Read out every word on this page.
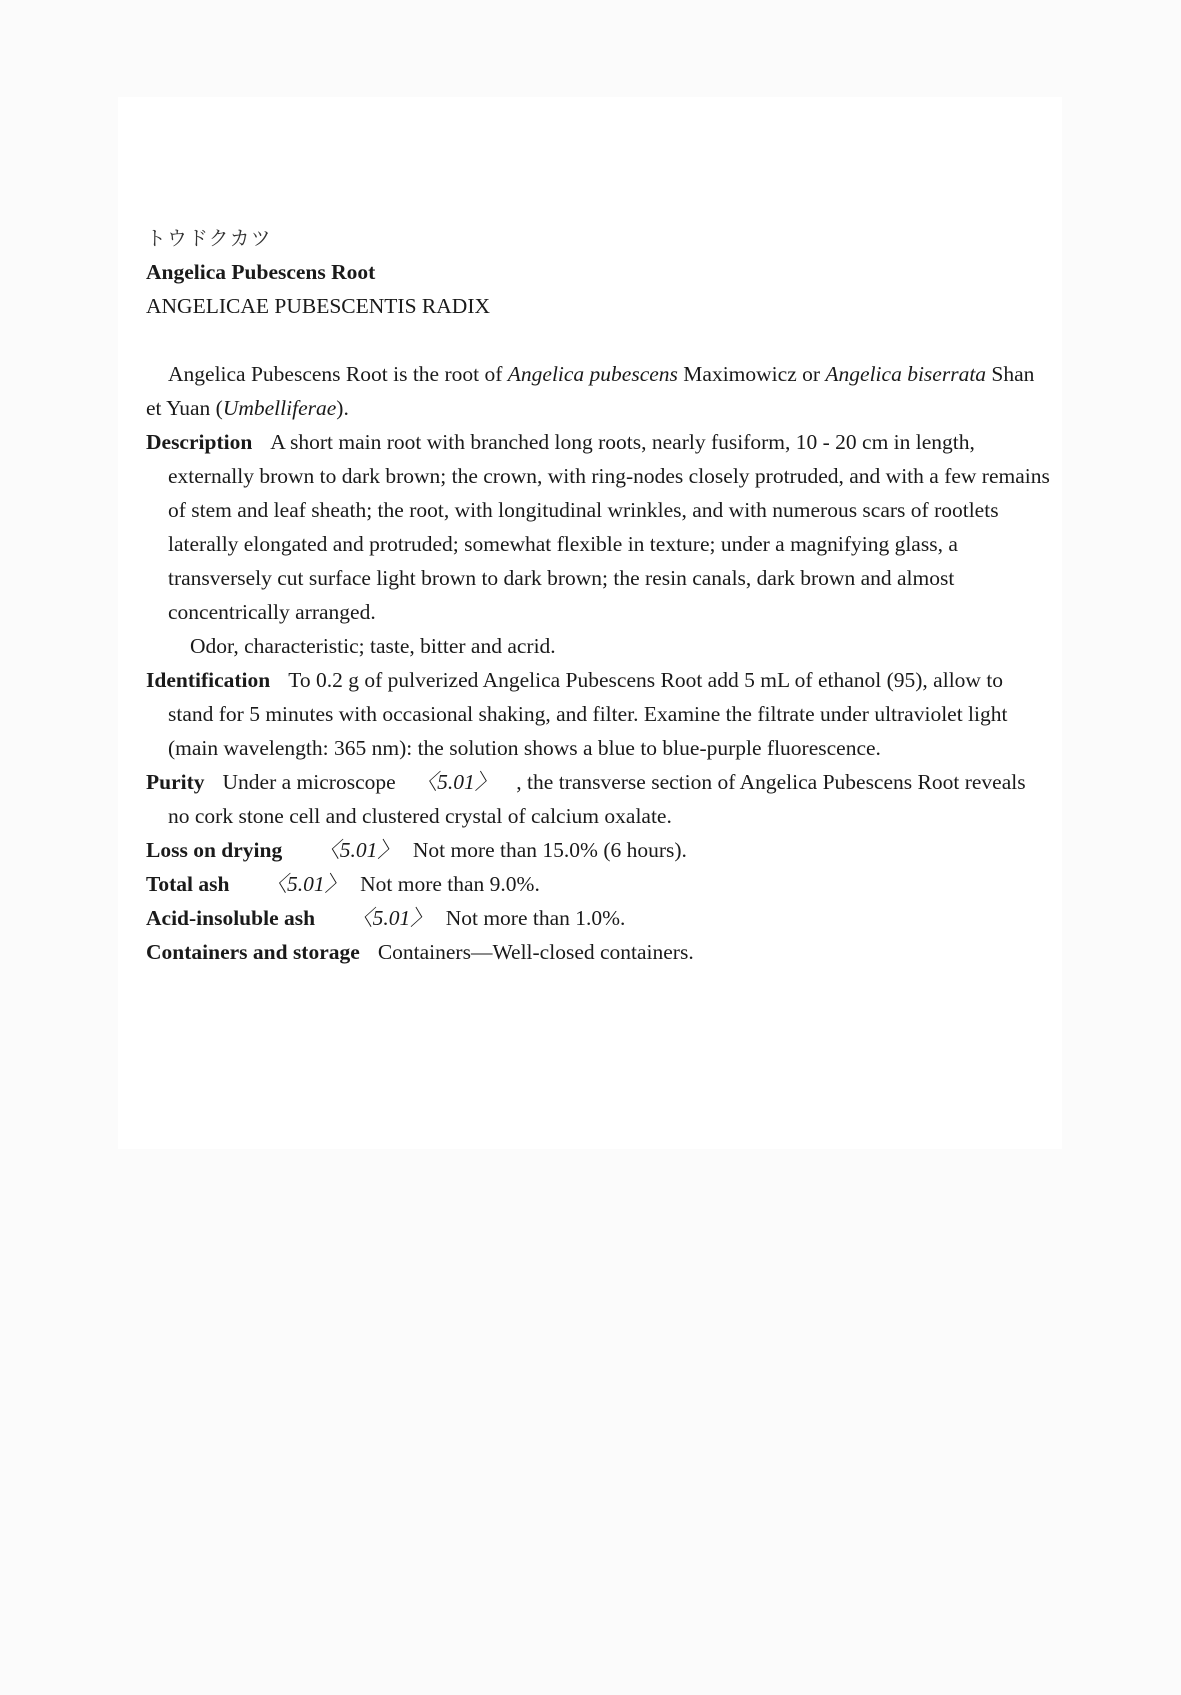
トウドクカツ
Angelica Pubescens Root
ANGELICAE PUBESCENTIS RADIX

Angelica Pubescens Root is the root of Angelica pubescens Maximowicz or Angelica biserrata Shan et Yuan (Umbelliferae).

Description A short main root with branched long roots, nearly fusiform, 10 - 20 cm in length, externally brown to dark brown; the crown, with ring-nodes closely protruded, and with a few remains of stem and leaf sheath; the root, with longitudinal wrinkles, and with numerous scars of rootlets laterally elongated and protruded; somewhat flexible in texture; under a magnifying glass, a transversely cut surface light brown to dark brown; the resin canals, dark brown and almost concentrically arranged.

Odor, characteristic; taste, bitter and acrid.

Identification To 0.2 g of pulverized Angelica Pubescens Root add 5 mL of ethanol (95), allow to stand for 5 minutes with occasional shaking, and filter. Examine the filtrate under ultraviolet light (main wavelength: 365 nm): the solution shows a blue to blue-purple fluorescence.

Purity Under a microscope 〈5.01〉 , the transverse section of Angelica Pubescens Root reveals no cork stone cell and clustered crystal of calcium oxalate.

Loss on drying 〈5.01〉 Not more than 15.0% (6 hours).

Total ash 〈5.01〉 Not more than 9.0%.

Acid-insoluble ash 〈5.01〉 Not more than 1.0%.

Containers and storage Containers—Well-closed containers.
